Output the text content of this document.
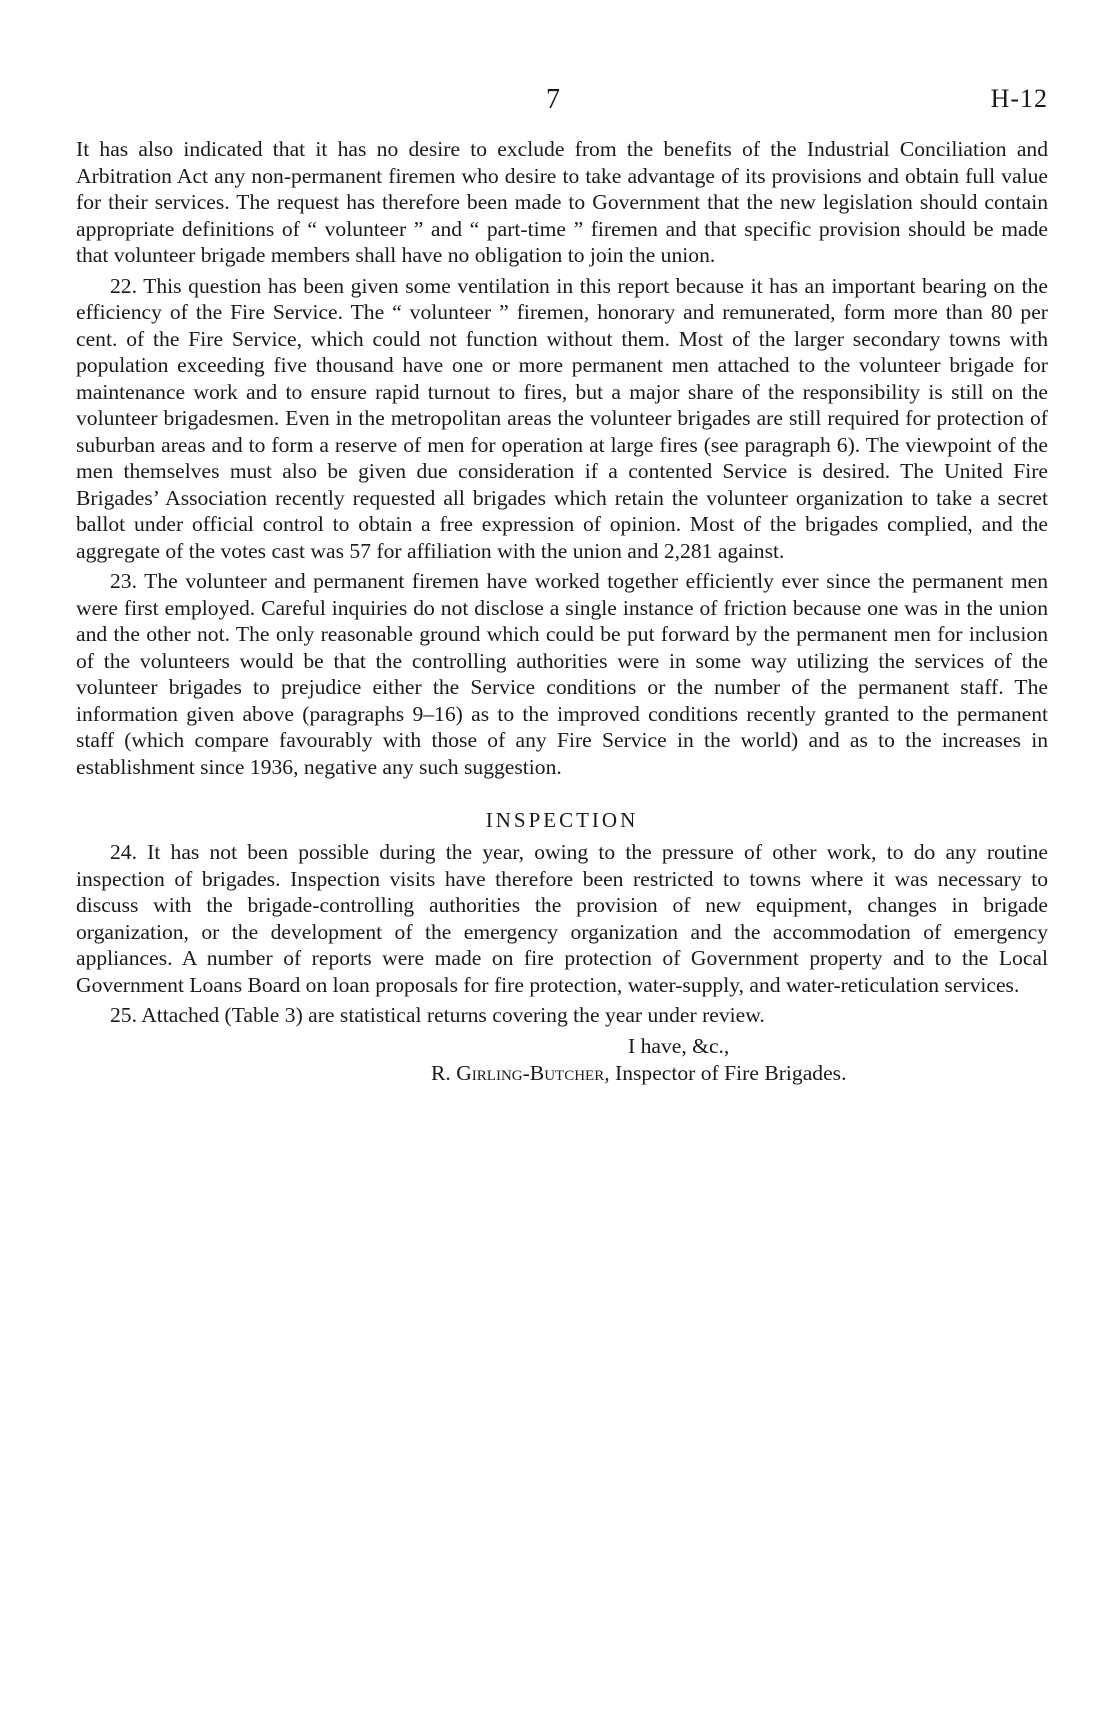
7	H-12

It has also indicated that it has no desire to exclude from the benefits of the Industrial Conciliation and Arbitration Act any non-permanent firemen who desire to take advantage of its provisions and obtain full value for their services. The request has therefore been made to Government that the new legislation should contain appropriate definitions of “ volunteer ” and “ part-time ” firemen and that specific provision should be made that volunteer brigade members shall have no obligation to join the union.

22. This question has been given some ventilation in this report because it has an important bearing on the efficiency of the Fire Service. The “ volunteer ” firemen, honorary and remunerated, form more than 80 per cent. of the Fire Service, which could not function without them. Most of the larger secondary towns with population exceeding five thousand have one or more permanent men attached to the volunteer brigade for maintenance work and to ensure rapid turnout to fires, but a major share of the responsibility is still on the volunteer brigadesmen. Even in the metropolitan areas the volunteer brigades are still required for protection of suburban areas and to form a reserve of men for operation at large fires (see paragraph 6). The viewpoint of the men themselves must also be given due consideration if a contented Service is desired. The United Fire Brigades’ Association recently requested all brigades which retain the volunteer organization to take a secret ballot under official control to obtain a free expression of opinion. Most of the brigades complied, and the aggregate of the votes cast was 57 for affiliation with the union and 2,281 against.

23. The volunteer and permanent firemen have worked together efficiently ever since the permanent men were first employed. Careful inquiries do not disclose a single instance of friction because one was in the union and the other not. The only reasonable ground which could be put forward by the permanent men for inclusion of the volunteers would be that the controlling authorities were in some way utilizing the services of the volunteer brigades to prejudice either the Service conditions or the number of the permanent staff. The information given above (paragraphs 9–16) as to the improved conditions recently granted to the permanent staff (which compare favourably with those of any Fire Service in the world) and as to the increases in establishment since 1936, negative any such suggestion.

INSPECTION

24. It has not been possible during the year, owing to the pressure of other work, to do any routine inspection of brigades. Inspection visits have therefore been restricted to towns where it was necessary to discuss with the brigade-controlling authorities the provision of new equipment, changes in brigade organization, or the development of the emergency organization and the accommodation of emergency appliances. A number of reports were made on fire protection of Government property and to the Local Government Loans Board on loan proposals for fire protection, water-supply, and water-reticulation services.

25. Attached (Table 3) are statistical returns covering the year under review.

I have, &c.,
R. Girling-Butcher, Inspector of Fire Brigades.
